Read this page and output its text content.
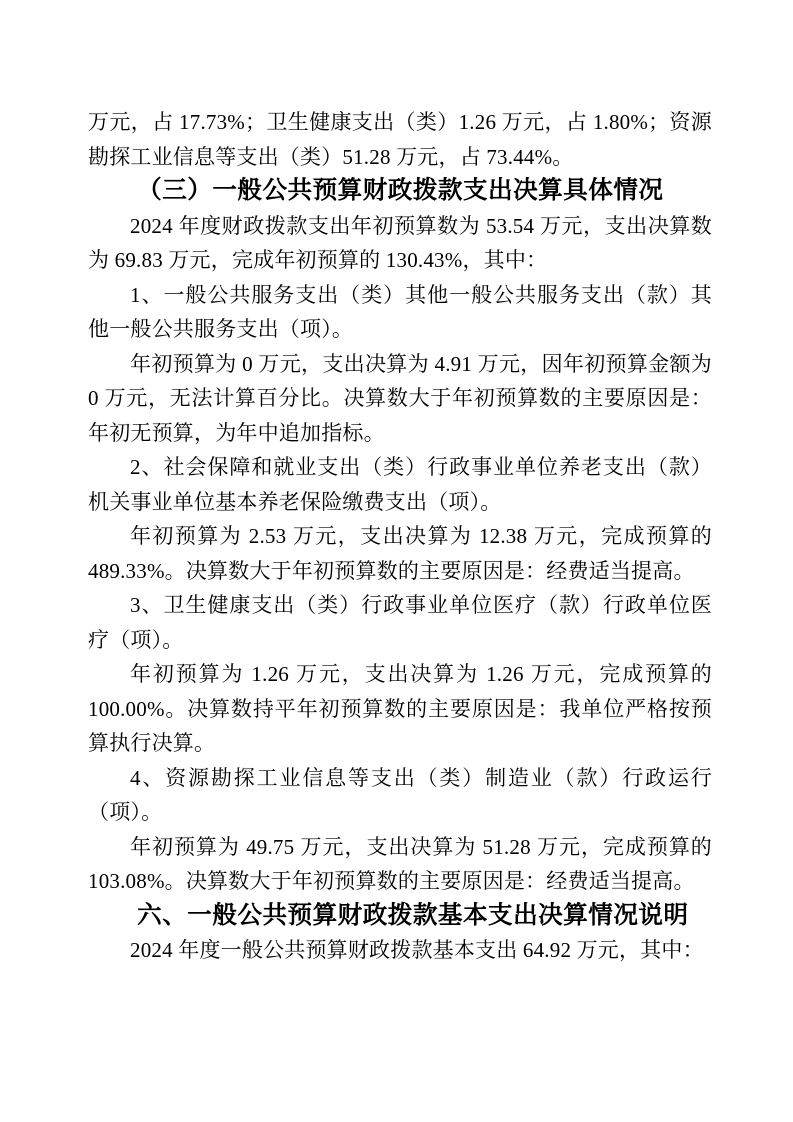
万元，占 17.73%；卫生健康支出（类）1.26 万元，占 1.80%；资源勘探工业信息等支出（类）51.28 万元，占 73.44%。

（三）一般公共预算财政拨款支出决算具体情况

2024 年度财政拨款支出年初预算数为 53.54 万元，支出决算数为 69.83 万元，完成年初预算的 130.43%，其中：

1、一般公共服务支出（类）其他一般公共服务支出（款）其他一般公共服务支出（项）。

年初预算为 0 万元，支出决算为 4.91 万元，因年初预算金额为 0 万元，无法计算百分比。决算数大于年初预算数的主要原因是：年初无预算，为年中追加指标。

2、社会保障和就业支出（类）行政事业单位养老支出（款）机关事业单位基本养老保险缴费支出（项）。

年初预算为 2.53 万元，支出决算为 12.38 万元，完成预算的 489.33%。决算数大于年初预算数的主要原因是：经费适当提高。

3、卫生健康支出（类）行政事业单位医疗（款）行政单位医疗（项）。

年初预算为 1.26 万元，支出决算为 1.26 万元，完成预算的 100.00%。决算数持平年初预算数的主要原因是：我单位严格按预算执行决算。

4、资源勘探工业信息等支出（类）制造业（款）行政运行（项）。

年初预算为 49.75 万元，支出决算为 51.28 万元，完成预算的 103.08%。决算数大于年初预算数的主要原因是：经费适当提高。

六、一般公共预算财政拨款基本支出决算情况说明

2024 年度一般公共预算财政拨款基本支出 64.92 万元，其中：
